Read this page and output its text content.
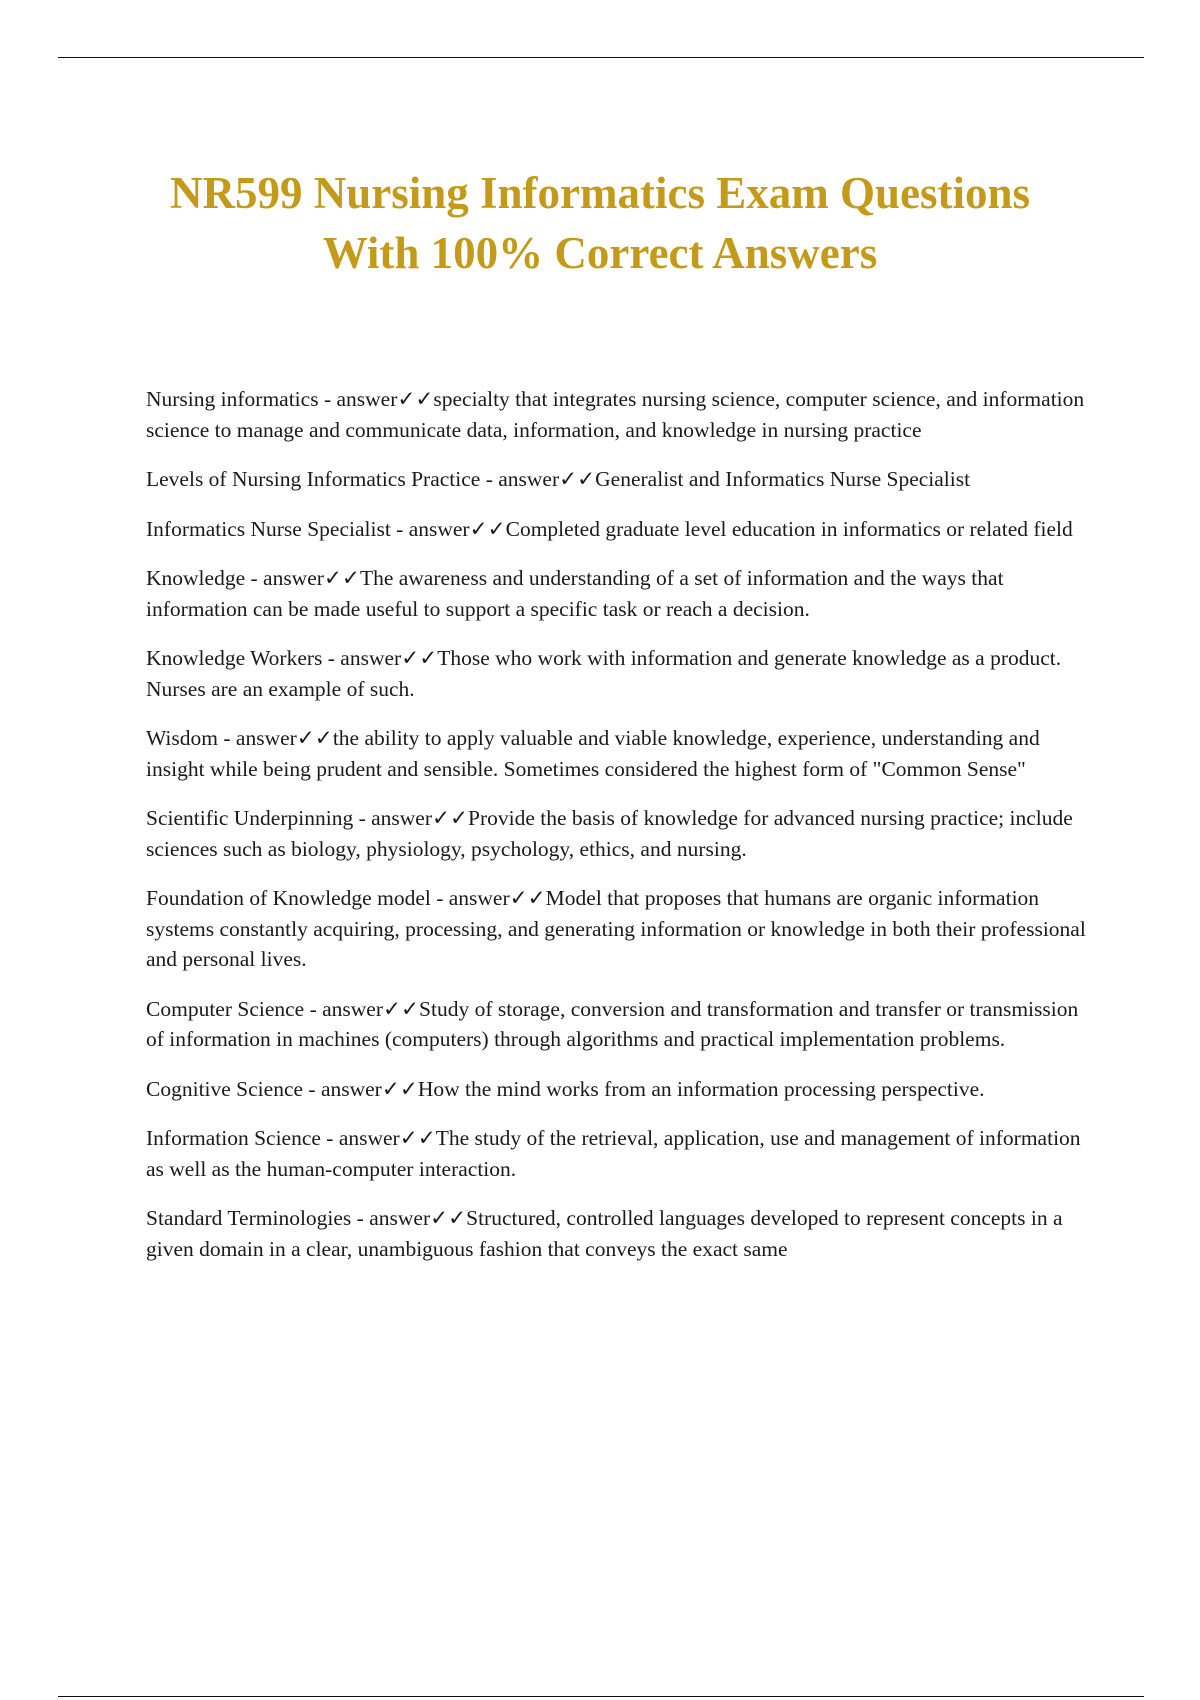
NR599 Nursing Informatics Exam Questions
With 100% Correct Answers

Nursing informatics - answer✓✓specialty that integrates nursing science, computer science, and information science to manage and communicate data, information, and knowledge in nursing practice

Levels of Nursing Informatics Practice - answer✓✓Generalist and Informatics Nurse Specialist

Informatics Nurse Specialist - answer✓✓Completed graduate level education in informatics or related field

Knowledge - answer✓✓The awareness and understanding of a set of information and the ways that information can be made useful to support a specific task or reach a decision.

Knowledge Workers - answer✓✓Those who work with information and generate knowledge as a product. Nurses are an example of such.

Wisdom - answer✓✓the ability to apply valuable and viable knowledge, experience, understanding and insight while being prudent and sensible. Sometimes considered the highest form of "Common Sense"

Scientific Underpinning - answer✓✓Provide the basis of knowledge for advanced nursing practice; include sciences such as biology, physiology, psychology, ethics, and nursing.

Foundation of Knowledge model - answer✓✓Model that proposes that humans are organic information systems constantly acquiring, processing, and generating information or knowledge in both their professional and personal lives.

Computer Science - answer✓✓Study of storage, conversion and transformation and transfer or transmission of information in machines (computers) through algorithms and practical implementation problems.

Cognitive Science - answer✓✓How the mind works from an information processing perspective.

Information Science - answer✓✓The study of the retrieval, application, use and management of information as well as the human-computer interaction.

Standard Terminologies - answer✓✓Structured, controlled languages developed to represent concepts in a given domain in a clear, unambiguous fashion that conveys the exact same
